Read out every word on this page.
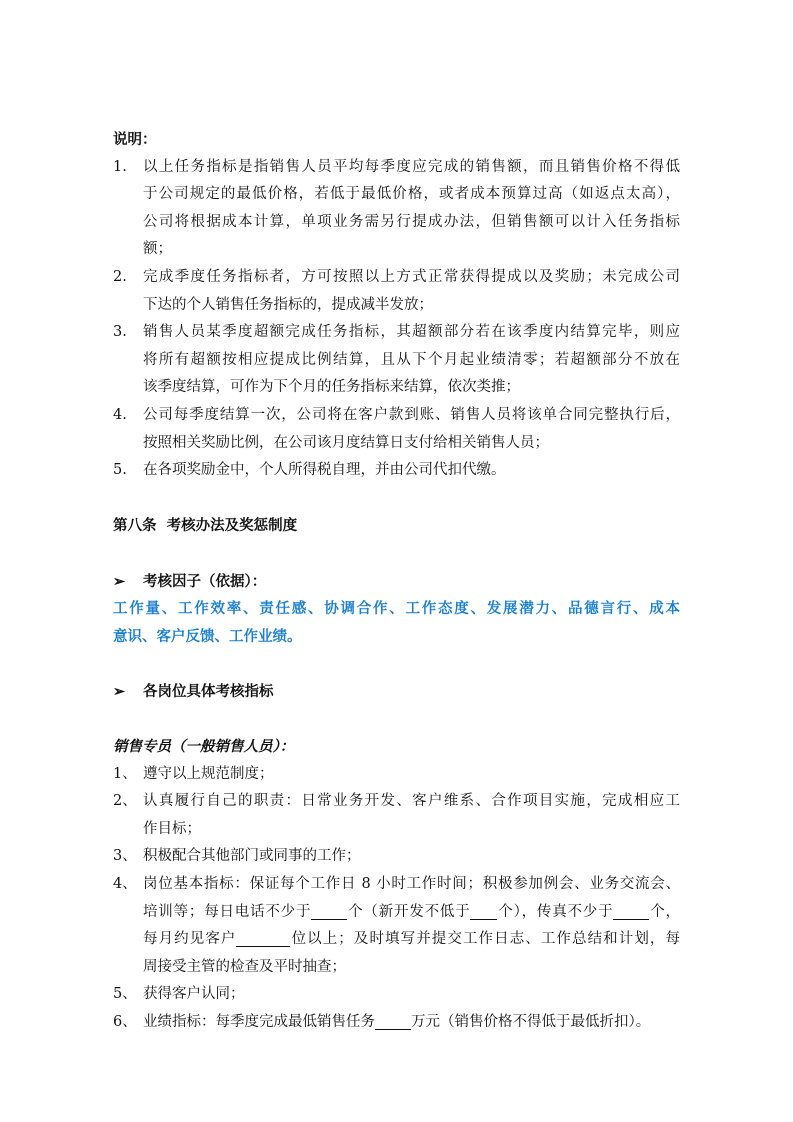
说明：
1.	以上任务指标是指销售人员平均每季度应完成的销售额，而且销售价格不得低
于公司规定的最低价格，若低于最低价格，或者成本预算过高（如返点太高），
公司将根据成本计算，单项业务需另行提成办法，但销售额可以计入任务指标
额；
2.	完成季度任务指标者，方可按照以上方式正常获得提成以及奖励；未完成公司
下达的个人销售任务指标的，提成减半发放；
3.	销售人员某季度超额完成任务指标，其超额部分若在该季度内结算完毕，则应
将所有超额按相应提成比例结算，且从下个月起业绩清零；若超额部分不放在
该季度结算，可作为下个月的任务指标来结算，依次类推；
4.	公司每季度结算一次，公司将在客户款到账、销售人员将该单合同完整执行后，
按照相关奖励比例，在公司该月度结算日支付给相关销售人员；
5.	在各项奖励金中，个人所得税自理，并由公司代扣代缴。
第八条  考核办法及奖惩制度
➢ 考核因子（依据）：
工作量、工作效率、责任感、协调合作、工作态度、发展潜力、品德言行、成本
意识、客户反馈、工作业绩。
➢ 各岗位具体考核指标
销售专员（一般销售人员）：
1、 遵守以上规范制度；
2、 认真履行自己的职责：日常业务开发、客户维系、合作项目实施，完成相应工
作目标；
3、 积极配合其他部门或同事的工作；
4、 岗位基本指标：保证每个工作日 8 小时工作时间；积极参加例会、业务交流会、
培训等；每日电话不少于 个（新开发不低于 个），传真不少于 个，
每月约见客户	位以上；及时填写并提交工作日志、工作总结和计划，每
周接受主管的检查及平时抽查；
5、 获得客户认同；
6、 业绩指标：每季度完成最低销售任务 万元（销售价格不得低于最低折扣）。
